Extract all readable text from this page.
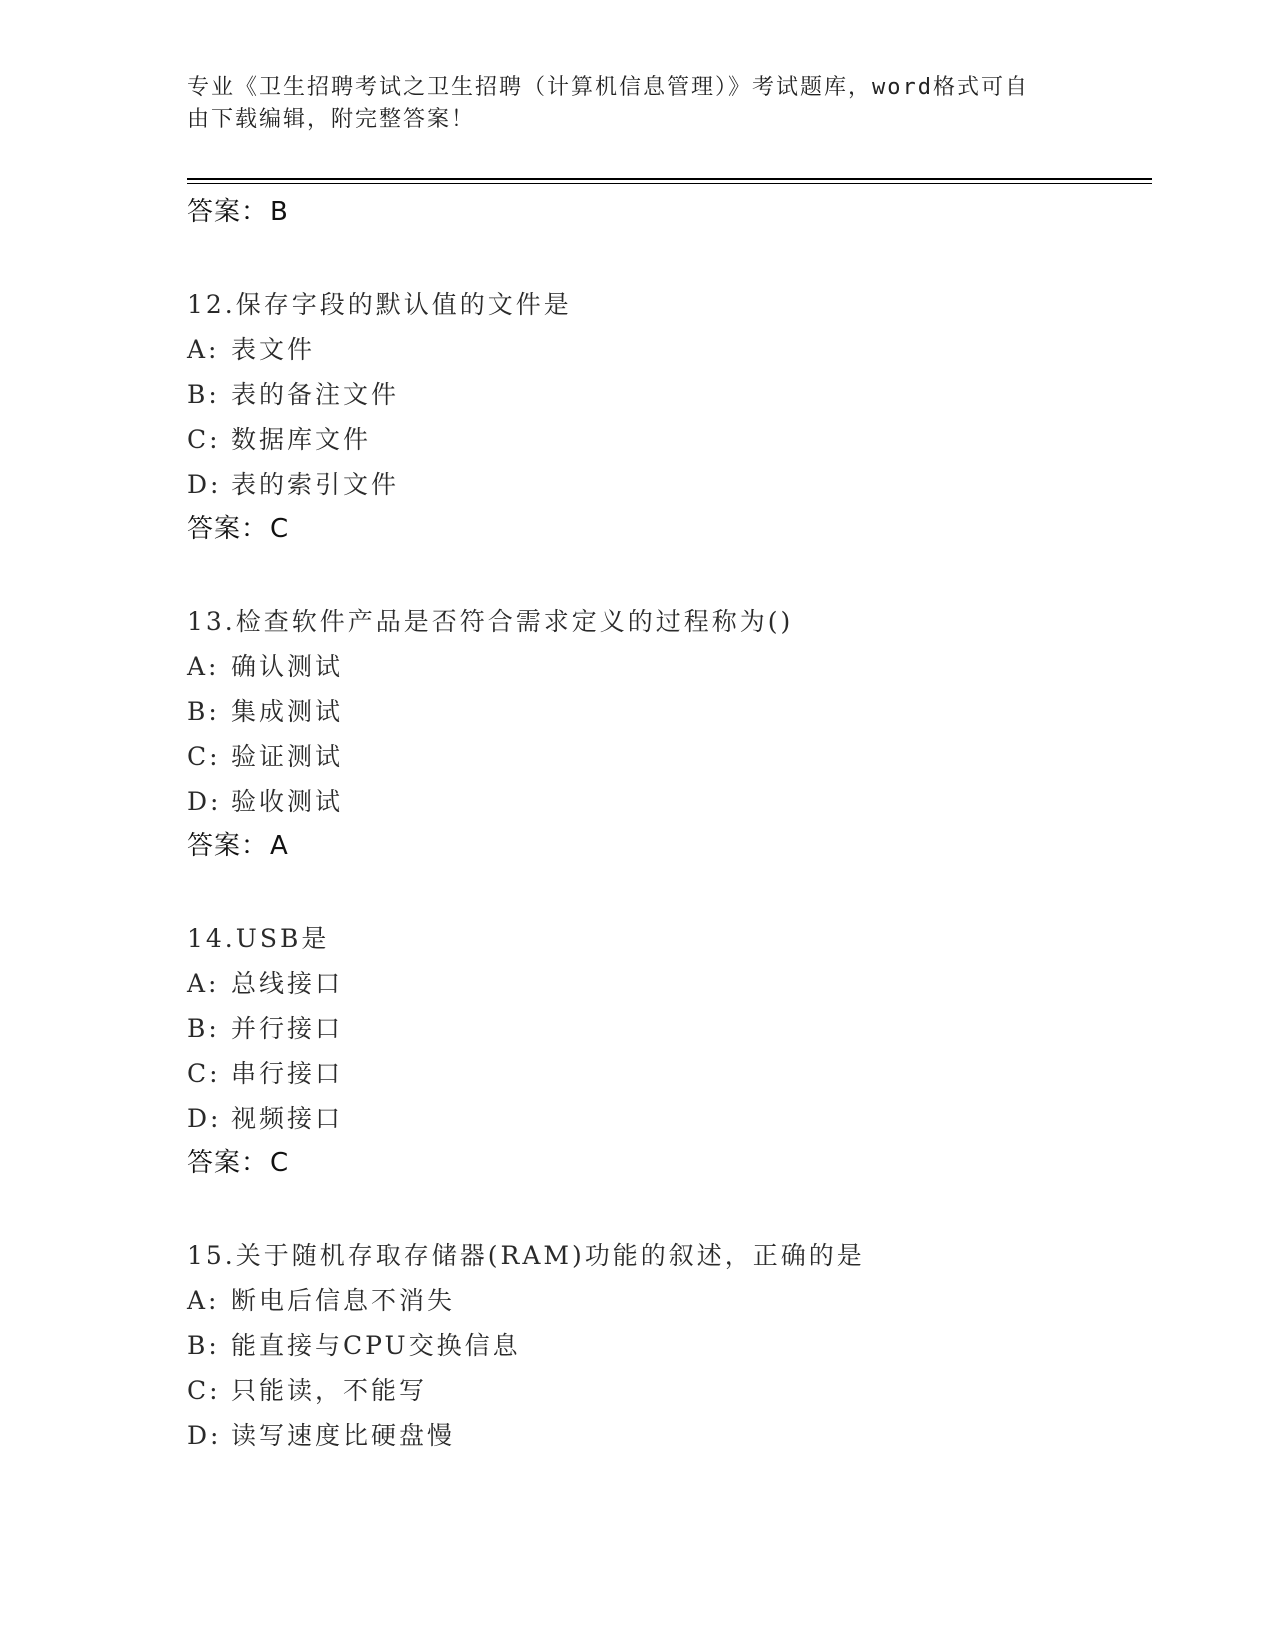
专业《卫生招聘考试之卫生招聘（计算机信息管理）》考试题库，word格式可自
由下载编辑，附完整答案！
答案：B
12.保存字段的默认值的文件是
A: 表文件
B: 表的备注文件
C: 数据库文件
D: 表的索引文件
答案：C
13.检查软件产品是否符合需求定义的过程称为()
A: 确认测试
B: 集成测试
C: 验证测试
D: 验收测试
答案：A
14.USB是
A: 总线接口
B: 并行接口
C: 串行接口
D: 视频接口
答案：C
15.关于随机存取存储器(RAM)功能的叙述，正确的是
A: 断电后信息不消失
B: 能直接与CPU交换信息
C: 只能读，不能写
D: 读写速度比硬盘慢
